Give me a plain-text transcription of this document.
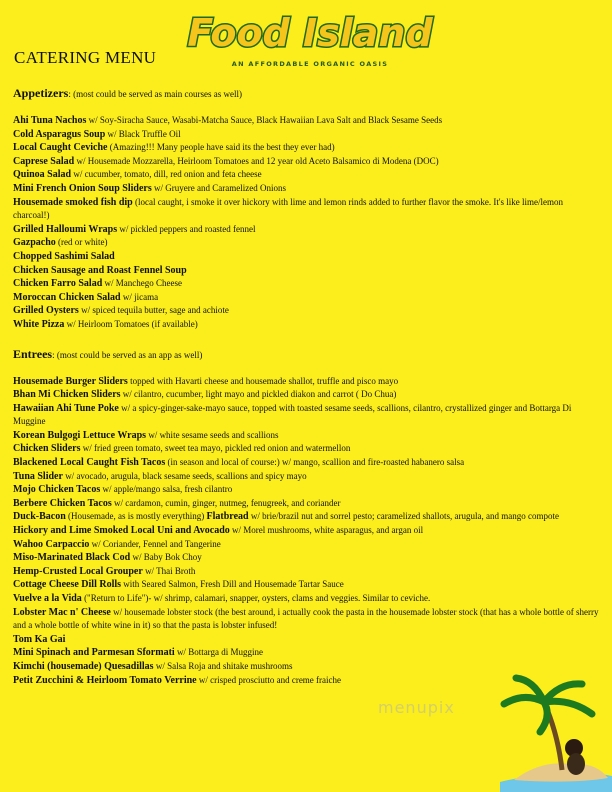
Food Island
AN AFFORDABLE ORGANIC OASIS
CATERING MENU

Appetizers: (most could be served as main courses as well)

Ahi Tuna Nachos w/ Soy-Siracha Sauce, Wasabi-Matcha Sauce, Black Hawaiian Lava Salt and Black Sesame Seeds

Cold Asparagus Soup w/ Black Truffle Oil

Local Caught Ceviche (Amazing!!! Many people have said its the best they ever had)

Caprese Salad w/ Housemade Mozzarella, Heirloom Tomatoes and 12 year old Aceto Balsamico di Modena (DOC)

Quinoa Salad w/ cucumber, tomato, dill, red onion and feta cheese

Mini French Onion Soup Sliders w/ Gruyere and Caramelized Onions

Housemade smoked fish dip (local caught, i smoke it over hickory with lime and lemon rinds added to further flavor the smoke. It's like lime/lemon charcoal!)

Grilled Halloumi Wraps w/ pickled peppers and roasted fennel

Gazpacho (red or white)

Chopped Sashimi Salad

Chicken Sausage and Roast Fennel Soup

Chicken Farro Salad w/ Manchego Cheese

Moroccan Chicken Salad w/ jicama

Grilled Oysters w/ spiced tequila butter, sage and achiote

White Pizza w/ Heirloom Tomatoes (if available)

Entrees: (most could be served as an app as well)

Housemade Burger Sliders topped with Havarti cheese and housemade shallot, truffle and pisco mayo

Bhan Mi Chicken Sliders w/ cilantro, cucumber, light mayo and pickled diakon and carrot ( Do Chua)

Hawaiian Ahi Tune Poke w/ a spicy-ginger-sake-mayo sauce, topped with toasted sesame seeds, scallions, cilantro, crystallized ginger and Bottarga Di Muggine

Korean Bulgogi Lettuce Wraps w/ white sesame seeds and scallions

Chicken Sliders w/ fried green tomato, sweet tea mayo, pickled red onion and watermellon

Blackened Local Caught Fish Tacos (in season and local of course:) w/ mango, scallion and fire-roasted habanero salsa

Tuna Slider w/ avocado, arugula, black sesame seeds, scallions and spicy mayo

Mojo Chicken Tacos w/ apple/mango salsa, fresh cilantro

Berbere Chicken Tacos w/ cardamon, cumin, ginger, nutmeg, fenugreek, and coriander

Duck-Bacon (Housemade, as is mostly everything) Flatbread w/ brie/brazil nut and sorrel pesto; caramelized shallots, arugula, and mango compote

Hickory and Lime Smoked Local Uni and Avocado w/ Morel mushrooms, white asparagus, and argan oil

Wahoo Carpaccio w/ Coriander, Fennel and Tangerine

Miso-Marinated Black Cod w/ Baby Bok Choy

Hemp-Crusted Local Grouper w/ Thai Broth

Cottage Cheese Dill Rolls with Seared Salmon, Fresh Dill and Housemade Tartar Sauce

Vuelve a la Vida ("Return to Life")- w/ shrimp, calamari, snapper, oysters, clams and veggies. Similar to ceviche.

Lobster Mac n' Cheese w/ housemade lobster stock (the best around, i actually cook the pasta in the housemade lobster stock (that has a whole bottle of sherry and a whole bottle of white wine in it) so that the pasta is lobster infused!

Tom Ka Gai

Mini Spinach and Parmesan Sformati w/ Bottarga di Muggine

Kimchi (housemade) Quesadillas w/ Salsa Roja and shitake mushrooms

Petit Zucchini & Heirloom Tomato Verrine w/ crisped prosciutto and creme fraiche

menupix
